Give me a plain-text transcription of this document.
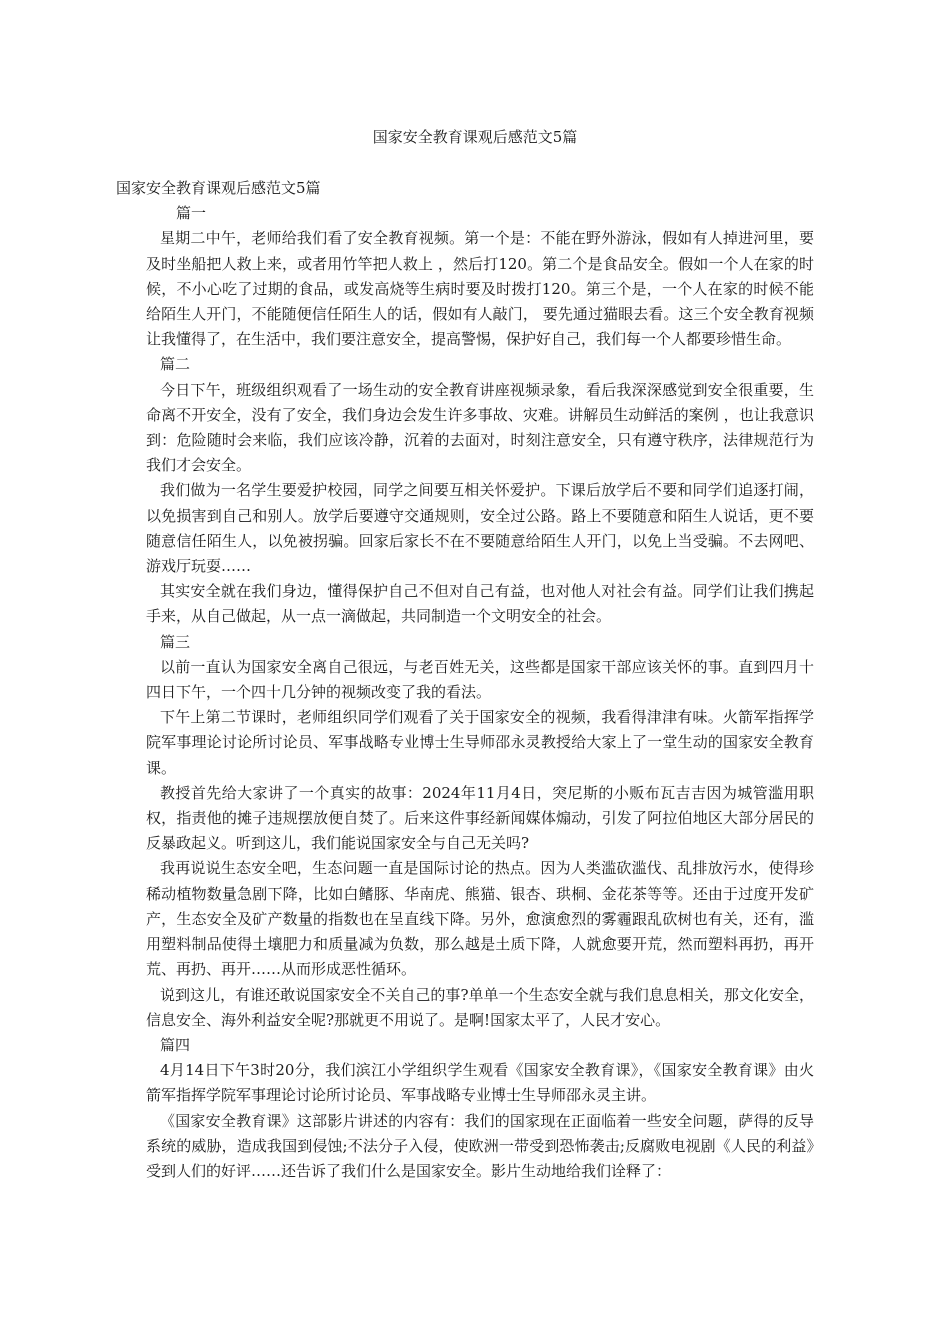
国家安全教育课观后感范文5篇

国家安全教育课观后感范文5篇

篇一

星期二中午，老师给我们看了安全教育视频。第一个是：不能在野外游泳，假如有人掉进河里，要及时坐船把人救上来，或者用竹竿把人救上 ，然后打120。第二个是食品安全。假如一个人在家的时候，不小心吃了过期的食品，或发高烧等生病时要及时拨打120。第三个是，一个人在家的时候不能给陌生人开门，不能随便信任陌生人的话，假如有人敲门， 要先通过猫眼去看。这三个安全教育视频让我懂得了，在生活中，我们要注意安全，提高警惕，保护好自己，我们每一个人都要珍惜生命。

篇二

今日下午，班级组织观看了一场生动的安全教育讲座视频录象，看后我深深感觉到安全很重要，生命离不开安全，没有了安全，我们身边会发生许多事故、灾难。讲解员生动鲜活的案例 ，也让我意识到：危险随时会来临，我们应该冷静，沉着的去面对，时刻注意安全，只有遵守秩序，法律规范行为我们才会安全。

我们做为一名学生要爱护校园，同学之间要互相关怀爱护。下课后放学后不要和同学们追逐打闹，以免损害到自己和别人。放学后要遵守交通规则，安全过公路。路上不要随意和陌生人说话，更不要随意信任陌生人，以免被拐骗。回家后家长不在不要随意给陌生人开门，以免上当受骗。不去网吧、游戏厅玩耍……

其实安全就在我们身边，懂得保护自己不但对自己有益，也对他人对社会有益。同学们让我们携起手来，从自己做起，从一点一滴做起，共同制造一个文明安全的社会。

篇三

以前一直认为国家安全离自己很远，与老百姓无关，这些都是国家干部应该关怀的事。直到四月十四日下午，一个四十几分钟的视频改变了我的看法。

下午上第二节课时，老师组织同学们观看了关于国家安全的视频，我看得津津有味。火箭军指挥学院军事理论讨论所讨论员、军事战略专业博士生导师邵永灵教授给大家上了一堂生动的国家安全教育课。

教授首先给大家讲了一个真实的故事：2024年11月4日，突尼斯的小贩布瓦吉吉因为城管滥用职权，指责他的摊子违规摆放便自焚了。后来这件事经新闻媒体煽动，引发了阿拉伯地区大部分居民的反暴政起义。听到这儿，我们能说国家安全与自己无关吗?

我再说说生态安全吧，生态问题一直是国际讨论的热点。因为人类滥砍滥伐、乱排放污水，使得珍稀动植物数量急剧下降，比如白鳍豚、华南虎、熊猫、银杏、珙桐、金花茶等等。还由于过度开发矿产，生态安全及矿产数量的指数也在呈直线下降。另外，愈演愈烈的雾霾跟乱砍树也有关，还有，滥用塑料制品使得土壤肥力和质量减为负数，那么越是土质下降，人就愈要开荒，然而塑料再扔，再开荒、再扔、再开……从而形成恶性循环。

说到这儿，有谁还敢说国家安全不关自己的事?单单一个生态安全就与我们息息相关，那文化安全，信息安全、海外利益安全呢?那就更不用说了。是啊!国家太平了，人民才安心。

篇四

4月14日下午3时20分，我们滨江小学组织学生观看《国家安全教育课》，《国家安全教育课》由火箭军指挥学院军事理论讨论所讨论员、军事战略专业博士生导师邵永灵主讲。

《国家安全教育课》这部影片讲述的内容有：我们的国家现在正面临着一些安全问题，萨得的反导系统的威胁，造成我国到侵蚀;不法分子入侵，使欧洲一带受到恐怖袭击;反腐败电视剧《人民的利益》受到人们的好评……还告诉了我们什么是国家安全。影片生动地给我们诠释了：
